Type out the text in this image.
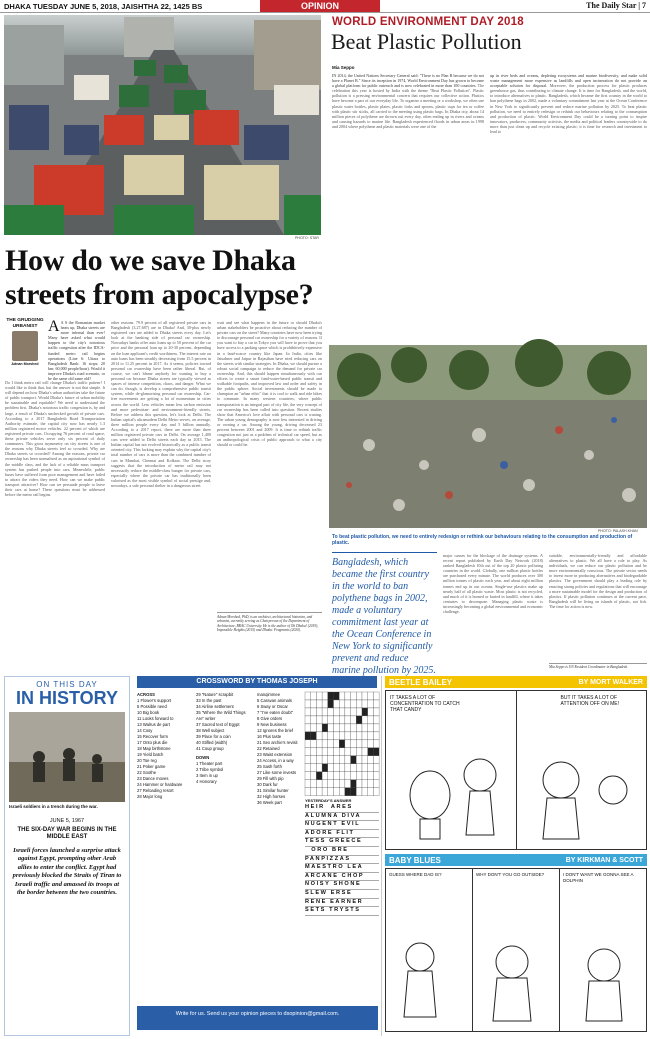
DHAKA TUESDAY JUNE 5, 2018, JAISHTHA 22, 1425 BS	OPINION	The Daily Star | 7
PHOTO: STAR
How do we save Dhaka streets from apocalypse?
THE GRUDGING URBANIST
Adnan Morshed
A A S the Romanian market heats up, Dhaka streets are more infernal than ever! Many have asked what would happen to the city's notorious traffic congestion after the IDCA-funded metro rail begins operations (Line 6: Uttara to Bangladesh Bank: 16 stops; 20 km; 60,000 people/hour). Would it improve Dhaka's road scenario, or be the same old same old?
Do I think metro rail will change Dhaka's traffic pattern? I would like to think that, but the answer is not that simple. It will depend on how Dhaka's urban authorities take the future of public transport. Would Dhaka's future of urban mobility be sustainable and equitable? We need to understand the problem first. Dhaka's notorious traffic congestion is, by and large, a result of Dhaka's unchecked growth of private cars. According to a 2017 Bangladesh Road Transportation Authority estimate, the capital city now has nearly 1.3 million registered motor vehicles. 22 percent of which are registered private cars. Occupying 76 percent of road space, these private vehicles serve only six percent of daily commuters. This gross asymmetry on city streets is one of the reasons why Dhaka streets feel so crowded. Why are Dhaka streets so crowded? Among the reasons, private car ownership has been normalised as an aspirational symbol of the middle class, and the lack of a reliable mass transport system has pushed people into cars. Meanwhile, public buses have suffered from poor management and have failed to attract the riders they need. How can we make public transport attractive? How can we persuade people to leave their cars at home? These questions must be addressed before the metro rail begins.
other reasons. 79.9 percent of all registered private cars in Bangladesh (3,27,687) are in Dhaka! And, 30-plus newly registered cars are added to Dhaka streets every day. Let's look at the banking side of personal car ownership. Nowadays banks offer auto loans up to 50 percent of the car price and the personal loan up to 20-30 percent, depending on the loan applicant's credit worthiness. The interest rate on auto loans has been steadily decreasing from 15.5 percent in 2014 to 11.25 percent in 2017. As it seems, policies toward personal car ownership have been rather liberal. But, of course, we can't blame anybody for wanting to buy a personal car because Dhaka streets are typically viewed as spaces of intense competition, chaos, and danger. What we can do, though, is develop a comprehensive public transit system, while de-glamorising personal car ownership. Car-free movements are getting a lot of momentum in cities across the world. Less vehicles mean less carbon emission and more pedestrian- and environment-friendly streets. Before we address this question, let's look at Delhi. The Indian capital's ultramodern Delhi Metro serves, on average, three million people every day and 5 billion annually. According to a 2017 report, there are more than three million registered private cars in Delhi. On average 1,400 cars were added to Delhi streets each day in 2015. The Indian capital has not evolved historically as a public transit oriented city. This lacking may explain why the capital city's total number of cars is more than the combined number of cars in Mumbai, Chennai and Kolkata. The Delhi story suggests that the introduction of metro rail may not necessarily reduce the middle-class hunger for private cars, especially where the private car has traditionally been valorised as the most visible symbol of social prestige and, nowadays, a safe personal shelter in a dangerous street.
wait and see what happens in the future or should Dhaka's urban stakeholders be proactive about reducing the number of private cars on the street? Many countries have now been trying to discourage personal car ownership for a variety of reasons. If you want to buy a car in Tokyo you will have to prove that you have access to a parking space which is prohibitively expensive in a land-scarce country like Japan. In India, cities like Jaisalmer and Jaipur in Rajasthan have tried reducing cars on the streets with similar strategies. In Dhaka, we should pursue a robust social campaign to reduce the demand for private car ownership. And, this should happen simultaneously with our efforts to create a smart fund-water-based public transit and walkable footpaths, and improved law and order and safety in the public sphere. Social investments should be made to champion an "urban ethic" that it is cool to walk and ride bikes to commute. In many western countries, where public transportation is an integral part of city life, the very concept of car ownership has been called into question. Recent studies show that America's love affair with personal cars is waning. The urban young demography is now less interested in driving or owning a car. Among the young, driving decreased 23 percent between 2001 and 2009. It is time to rethink traffic congestion not just as a problem of technical car speed, but as an anthropological crisis of public approach to what a city should or could be.
Adnan Morshed, PhD, is an architect, architectural historian, and urbanist, currently serving as Chairperson of the Department of Architecture, BRAC University. He is the author of Oh Dhaka! (2019), Impossible Heights (2015) and Dhaka: Fragments (2020).
WORLD ENVIRONMENT DAY 2018
Beat Plastic Pollution
Mia Seppo
IN 2014, the United Nations Secretary General said: "There is no Plan B because we do not have a Planet B." Since its inception in 1974, World Environment Day has grown to become a global platform for public outreach and is now celebrated in more than 100 countries. The celebration this year is hosted by India with the theme "Beat Plastic Pollution". Plastic pollution is a pressing environmental concern that requires our collective action. Plastics have become a part of our everyday life. To organise a meeting or a workshop, we often use plastic water bottles, plastic plates, plastic forks and spoons, plastic cups for tea or coffee with plastic stir sticks, all carried to the meeting using plastic bags. In Dhaka city, about 14 million pieces of polythene are thrown out every day, often ending up in rivers and oceans and causing hazards to marine life. Bangladesh experienced floods in urban areas in 1998 and 2004 where polythene and plastic materials were one of the
up in river beds and oceans, depleting ecosystems and marine biodiversity, and make solid waste management more expensive as landfills and open incineration do not provide an acceptable solution for disposal. Moreover, the production process for plastic produces greenhouse gas, thus contributing to climate change. It is time for Bangladesh, and the world, to introduce alternatives to plastic. Bangladesh, which became the first country in the world to ban polythene bags in 2002, made a voluntary commitment last year at the Ocean Conference in New York to significantly prevent and reduce marine pollution by 2025. To beat plastic pollution, we need to entirely redesign or rethink our behaviours relating to the consumption and production of plastic. World Environment Day could be a turning point to inspire innovators, producers, community activists, the media and political leaders countrywide to do more than just clean up and recycle existing plastic; it is time for research and investment to lead to
PHOTO: PALASH KHAN
To beat plastic pollution, we need to entirely redesign or rethink our behaviours relating to the consumption and production of plastic.
Bangladesh, which became the first country in the world to ban polythene bags in 2002, made a voluntary commitment last year at the Ocean Conference in New York to significantly prevent and reduce marine pollution by 2025.
major causes for the blockage of the drainage systems. A recent report published by Earth Day Network (2018) ranked Bangladesh 10th out of the top 20 plastic polluting countries in the world. Globally, one million plastic bottles are purchased every minute. The world produces over 300 million tonnes of plastic each year, and about eight million tonnes end up in our oceans. Single-use plastics make up nearly half of all plastic waste. Most plastic is not recycled, and much of it is burned or buried in landfill, where it takes centuries to decompose. Managing plastic waste is increasingly becoming a global environmental and economic challenge.
suitable, environmentally-friendly and affordable alternatives to plastic. We all have a role to play. As individuals, we can reduce our plastic pollution and be more environmentally conscious. The private sector needs to invest more in producing alternatives and biodegradable plastics. The government should play a leading role by enacting strong policies and regulations that will encourage a more sustainable model for the design and production of plastics. If plastic pollution continues at the current pace, Bangladesh will be living on islands of plastic, not fish. The time for action is now.
Mia Seppo is UN Resident Coordinator in Bangladesh.
ON THIS DAY
IN HISTORY
Israeli soldiers in a trench during the war.
JUNE 5, 1967
THE SIX-DAY WAR BEGINS IN THE MIDDLE EAST
Israeli forces launched a surprise attack against Egypt, prompting other Arab allies to enter the conflict. Egypt had previously blocked the Straits of Tiran to Israeli traffic and amassed its troops at the border between the two countries.
CROSSWORD BY THOMAS JOSEPH
ACROSS
1 Flower's support
5 Possible need
10 Big book
11 Looks forward to
13 Walrus de part
14 Cosy
15 Recover form
17 Onto plus die
18 Map birthstone
19 Yield batch
20 Toe reg
21 Poker game
22 Soothe
23 Dance moves
24 Hammer or hardware
27 Reloading resort
28 Major long
29 "Nature" scrapbit
33 In the past
34 Airline settlement
35 "Where the Wild Things Are" writer
37 Sacred text of Egypt
38 Well subject
39 Place for a coin
40 Stifled (width)
41 Coup group
DOWN
1 Theater part
2 Tribe symbol
3 Item in up
4 Honorary
manqimmee
5 Caravan animals
6 Sway or Oscar
7 "I've eaten doubt"
8 Give orders
9 New business
12 Ignores the brief
16 Plus taste
21 Sex archie's revisit
22 Retained
23 Waist extension
24 Access, in a way
25 Sash forth
27 Like some invests
29 Fill with pip
30 Dark fur
31 Similar hunter
32 High horses
36 Week part	YESTERDAY'S ANSWER
HEIR  ARES
ALUMNA DIVA
NUGENT EVIL
ADORE FLIT
TESS GREECE
ORO BRE
PANPIZZAS
MAESTRO LEA
ARCANE CHOP
NOISY SHONE
SLEW ERSE
RENE EARNER
SETS TRYSTS
Write for us. Send us your opinion pieces to dsopinion@gmail.com.
BEETLE BAILEY	BY MORT WALKER
IT TAKES A LOT OF CONCENTRATION TO CATCH THAT CANDY
BUT IT TAKES A LOT OF ATTENTION OFF ON ME!
BABY BLUES	BY KIRKMAN & SCOTT
GUESS WHERE DAD IS?	WHY DON'T YOU GO OUTSIDE?	I DON'T WANT WE GONNA SEE A DOLPHIN
